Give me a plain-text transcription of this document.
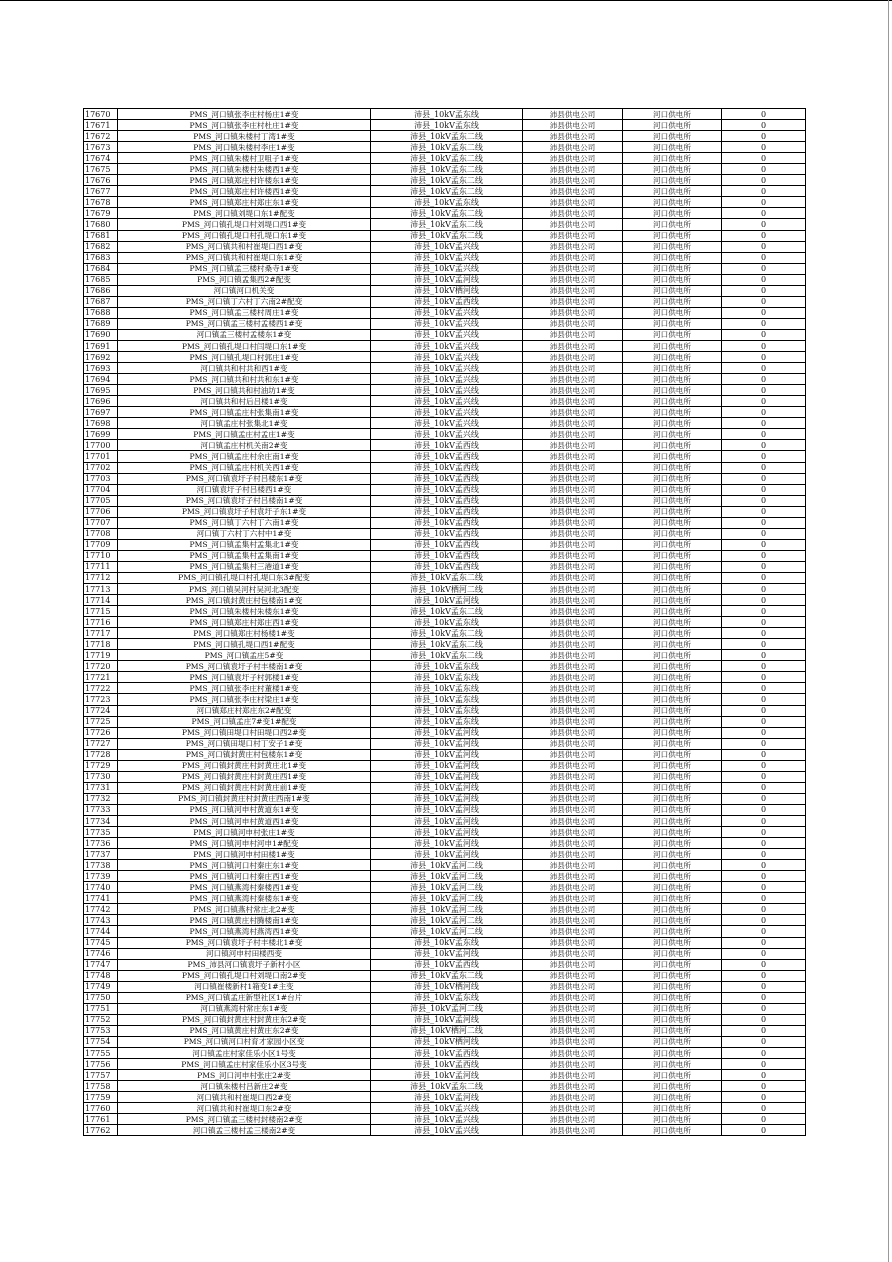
17670	PMS_河口镇张李庄村杨庄1#变	沛县_10kV孟东线	沛县供电公司	河口供电所	0
17671	PMS_河口镇张李庄村杜庄1#变	沛县_10kV孟东线	沛县供电公司	河口供电所	0
17672	PMS_河口镇朱楼村丁湾1#变	沛县_10kV孟东二线	沛县供电公司	河口供电所	0
17673	PMS_河口镇朱楼村李庄1#变	沛县_10kV孟东二线	沛县供电公司	河口供电所	0
17674	PMS_河口镇朱楼村卫咀子1#变	沛县_10kV孟东二线	沛县供电公司	河口供电所	0
17675	PMS_河口镇朱楼村朱楼西1#变	沛县_10kV孟东二线	沛县供电公司	河口供电所	0
17676	PMS_河口镇郑庄村许楼东1#变	沛县_10kV孟东二线	沛县供电公司	河口供电所	0
17677	PMS_河口镇郑庄村许楼西1#变	沛县_10kV孟东二线	沛县供电公司	河口供电所	0
17678	PMS_河口镇郑庄村郑庄东1#变	沛县_10kV孟东线	沛县供电公司	河口供电所	0
17679	PMS_河口镇刘堤口东1#配变	沛县_10kV孟东二线	沛县供电公司	河口供电所	0
17680	PMS_河口镇孔堤口村刘堤口西1#变	沛县_10kV孟东二线	沛县供电公司	河口供电所	0
17681	PMS_河口镇孔堤口村孔堤口东1#变	沛县_10kV孟东二线	沛县供电公司	河口供电所	0
17682	PMS_河口镇共和村崔堤口西1#变	沛县_10kV孟兴线	沛县供电公司	河口供电所	0
17683	PMS_河口镇共和村崔堤口东1#变	沛县_10kV孟兴线	沛县供电公司	河口供电所	0
17684	PMS_河口镇孟三楼村桑寺1#变	沛县_10kV孟兴线	沛县供电公司	河口供电所	0
17685	PMS_河口镇孟集西2#配变	沛县_10kV孟河线	沛县供电公司	河口供电所	0
17686	河口镇河口机关变	沛县_10kV栖河线	沛县供电公司	河口供电所	0
17687	PMS_河口镇丁六村丁六南2#配变	沛县_10kV孟西线	沛县供电公司	河口供电所	0
17688	PMS_河口镇孟三楼村周庄1#变	沛县_10kV孟兴线	沛县供电公司	河口供电所	0
17689	PMS_河口镇孟三楼村孟楼西1#变	沛县_10kV孟兴线	沛县供电公司	河口供电所	0
17690	河口镇孟三楼村孟楼东1#变	沛县_10kV孟兴线	沛县供电公司	河口供电所	0
17691	PMS_河口镇孔堤口村闫堤口东1#变	沛县_10kV孟兴线	沛县供电公司	河口供电所	0
17692	PMS_河口镇孔堤口村郭庄1#变	沛县_10kV孟兴线	沛县供电公司	河口供电所	0
17693	河口镇共和村共和西1#变	沛县_10kV孟兴线	沛县供电公司	河口供电所	0
17694	PMS_河口镇共和村共和东1#变	沛县_10kV孟兴线	沛县供电公司	河口供电所	0
17695	PMS_河口镇共和村油坊1#变	沛县_10kV孟兴线	沛县供电公司	河口供电所	0
17696	河口镇共和村后吕楼1#变	沛县_10kV孟兴线	沛县供电公司	河口供电所	0
17697	PMS_河口镇孟庄村张集南1#变	沛县_10kV孟兴线	沛县供电公司	河口供电所	0
17698	河口镇孟庄村张集北1#变	沛县_10kV孟兴线	沛县供电公司	河口供电所	0
17699	PMS_河口镇孟庄村孟庄1#变	沛县_10kV孟兴线	沛县供电公司	河口供电所	0
17700	河口镇孟庄村机关南2#变	沛县_10kV孟西线	沛县供电公司	河口供电所	0
17701	PMS_河口镇孟庄村余庄南1#变	沛县_10kV孟西线	沛县供电公司	河口供电所	0
17702	PMS_河口镇孟庄村机关西1#变	沛县_10kV孟西线	沛县供电公司	河口供电所	0
17703	PMS_河口镇袁圩子村吕楼东1#变	沛县_10kV孟西线	沛县供电公司	河口供电所	0
17704	河口镇袁圩子村吕楼西1#变	沛县_10kV孟西线	沛县供电公司	河口供电所	0
17705	PMS_河口镇袁圩子村吕楼南1#变	沛县_10kV孟西线	沛县供电公司	河口供电所	0
17706	PMS_河口镇袁圩子村袁圩子东1#变	沛县_10kV孟西线	沛县供电公司	河口供电所	0
17707	PMS_河口镇丁六村丁六南1#变	沛县_10kV孟西线	沛县供电公司	河口供电所	0
17708	河口镇丁六村丁六村中1#变	沛县_10kV孟西线	沛县供电公司	河口供电所	0
17709	PMS_河口镇孟集村孟集北1#变	沛县_10kV孟西线	沛县供电公司	河口供电所	0
17710	PMS_河口镇孟集村孟集南1#变	沛县_10kV孟西线	沛县供电公司	河口供电所	0
17711	PMS_河口镇孟集村三港道1#变	沛县_10kV孟西线	沛县供电公司	河口供电所	0
17712	PMS_河口镇孔堤口村孔堤口东3#配变	沛县_10kV孟东二线	沛县供电公司	河口供电所	0
17713	PMS_河口镇吴河村吴河北3配变	沛县_10kV栖河二线	沛县供电公司	河口供电所	0
17714	PMS_河口镇封黄庄村包楼南1#变	沛县_10kV孟河线	沛县供电公司	河口供电所	0
17715	PMS_河口镇朱楼村朱楼东1#变	沛县_10kV孟东二线	沛县供电公司	河口供电所	0
17716	PMS_河口镇郑庄村郑庄西1#变	沛县_10kV孟东线	沛县供电公司	河口供电所	0
17717	PMS_河口镇郑庄村杨楼1#变	沛县_10kV孟东二线	沛县供电公司	河口供电所	0
17718	PMS_河口镇孔堤口西1#配变	沛县_10kV孟东二线	沛县供电公司	河口供电所	0
17719	PMS_河口镇孟庄5#变	沛县_10kV孟东二线	沛县供电公司	河口供电所	0
17720	PMS_河口镇袁圩子村丰楼南1#变	沛县_10kV孟东线	沛县供电公司	河口供电所	0
17721	PMS_河口镇袁圩子村郭楼1#变	沛县_10kV孟东线	沛县供电公司	河口供电所	0
17722	PMS_河口镇张李庄村董楼1#变	沛县_10kV孟东线	沛县供电公司	河口供电所	0
17723	PMS_河口镇张李庄村梁庄1#变	沛县_10kV孟东线	沛县供电公司	河口供电所	0
17724	河口镇郑庄村郑庄东2#配变	沛县_10kV孟东线	沛县供电公司	河口供电所	0
17725	PMS_河口镇孟庄7#变1#配变	沛县_10kV孟东线	沛县供电公司	河口供电所	0
17726	PMS_河口镇田堤口村田堤口西2#变	沛县_10kV孟河线	沛县供电公司	河口供电所	0
17727	PMS_河口镇田堤口村丁安子1#变	沛县_10kV孟河线	沛县供电公司	河口供电所	0
17728	PMS_河口镇封黄庄村包楼东1#变	沛县_10kV孟河线	沛县供电公司	河口供电所	0
17729	PMS_河口镇封黄庄村封黄庄北1#变	沛县_10kV孟河线	沛县供电公司	河口供电所	0
17730	PMS_河口镇封黄庄村封黄庄西1#变	沛县_10kV孟河线	沛县供电公司	河口供电所	0
17731	PMS_河口镇封黄庄村封黄庄前1#变	沛县_10kV孟河线	沛县供电公司	河口供电所	0
17732	PMS_河口镇封黄庄村封黄庄西南1#变	沛县_10kV孟河线	沛县供电公司	河口供电所	0
17733	PMS_河口镇河申村黄道东1#变	沛县_10kV孟河线	沛县供电公司	河口供电所	0
17734	PMS_河口镇河申村黄道西1#变	沛县_10kV孟河线	沛县供电公司	河口供电所	0
17735	PMS_河口镇河申村张庄1#变	沛县_10kV孟河线	沛县供电公司	河口供电所	0
17736	PMS_河口镇河申村河申1#配变	沛县_10kV孟河线	沛县供电公司	河口供电所	0
17737	PMS_河口镇河申村田楼1#变	沛县_10kV孟河线	沛县供电公司	河口供电所	0
17738	PMS_河口镇河口村秦庄东1#变	沛县_10kV孟河二线	沛县供电公司	河口供电所	0
17739	PMS_河口镇河口村秦庄西1#变	沛县_10kV孟河二线	沛县供电公司	河口供电所	0
17740	PMS_河口镇燕湾村秦楼西1#变	沛县_10kV孟河二线	沛县供电公司	河口供电所	0
17741	PMS_河口镇燕湾村秦楼东1#变	沛县_10kV孟河二线	沛县供电公司	河口供电所	0
17742	PMS_河口镇燕村常庄北2#变	沛县_10kV孟河二线	沛县供电公司	河口供电所	0
17743	PMS_河口镇黄庄村腾楼南1#变	沛县_10kV孟河二线	沛县供电公司	河口供电所	0
17744	PMS_河口镇燕湾村燕湾西1#变	沛县_10kV孟河二线	沛县供电公司	河口供电所	0
17745	PMS_河口镇袁圩子村丰楼北1#变	沛县_10kV孟东线	沛县供电公司	河口供电所	0
17746	河口镇河申村田楼西变	沛县_10kV孟河线	沛县供电公司	河口供电所	0
17747	PMS_沛县河口镇袁圩子新村小区	沛县_10kV孟西线	沛县供电公司	河口供电所	0
17748	PMS_河口镇孔堤口村刘堤口南2#变	沛县_10kV孟东二线	沛县供电公司	河口供电所	0
17749	河口镇崔楼新村1箱变1#主变	沛县_10kV栖河线	沛县供电公司	河口供电所	0
17750	PMS_河口镇孟庄新型社区1#台片	沛县_10kV孟东线	沛县供电公司	河口供电所	0
17751	河口镇燕湾村常庄东1#变	沛县_10kV孟河二线	沛县供电公司	河口供电所	0
17752	PMS_河口镇封黄庄村封黄庄东2#变	沛县_10kV孟河线	沛县供电公司	河口供电所	0
17753	PMS_河口镇黄庄村黄庄东2#变	沛县_10kV栖河二线	沛县供电公司	河口供电所	0
17754	PMS_河口镇河口村育才家园小区变	沛县_10kV栖河线	沛县供电公司	河口供电所	0
17755	河口镇孟庄村家佳乐小区1号变	沛县_10kV孟西线	沛县供电公司	河口供电所	0
17756	PMS_河口镇孟庄村家佳乐小区3号变	沛县_10kV孟西线	沛县供电公司	河口供电所	0
17757	PMS_河口河申村张庄2#变	沛县_10kV孟河线	沛县供电公司	河口供电所	0
17758	河口镇朱楼村吕新庄2#变	沛县_10kV孟东二线	沛县供电公司	河口供电所	0
17759	河口镇共和村崔堤口西2#变	沛县_10kV孟河线	沛县供电公司	河口供电所	0
17760	河口镇共和村崔堤口东2#变	沛县_10kV孟兴线	沛县供电公司	河口供电所	0
17761	PMS_河口镇孟三楼村封楼南2#变	沛县_10kV孟兴线	沛县供电公司	河口供电所	0
17762	河口镇孟三楼村孟三楼南2#变	沛县_10kV孟兴线	沛县供电公司	河口供电所	0
